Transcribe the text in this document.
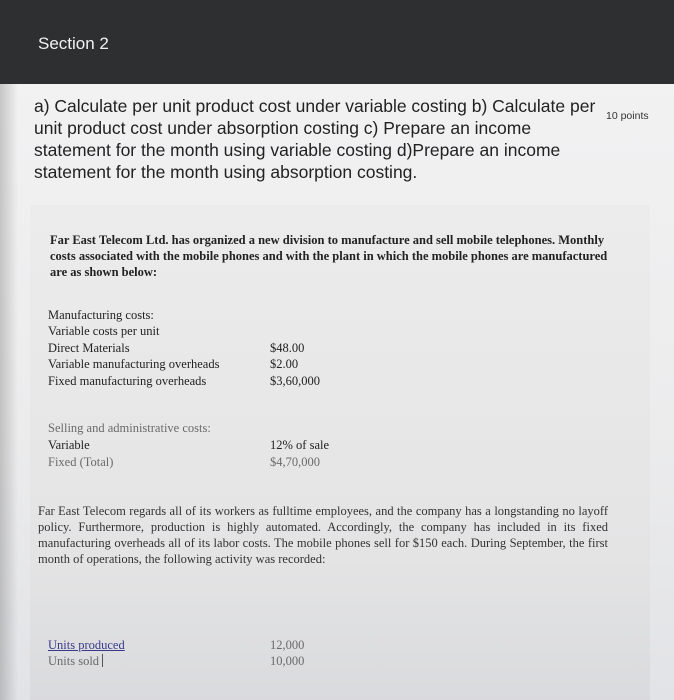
Section 2
a) Calculate per unit product cost under variable costing b) Calculate per unit product cost under absorption costing c) Prepare an income statement for the month using variable costing d)Prepare an income statement for the month using absorption costing.
10 points
Far East Telecom Ltd. has organized a new division to manufacture and sell mobile telephones. Monthly costs associated with the mobile phones and with the plant in which the mobile phones are manufactured are as shown below:
Manufacturing costs:
Variable costs per unit
Direct Materials	$48.00
Variable manufacturing overheads	$2.00
Fixed manufacturing overheads	$3,60,000
Selling and administrative costs:
Variable	12% of sale
Fixed (Total)	$4,70,000
Far East Telecom regards all of its workers as fulltime employees, and the company has a longstanding no layoff policy. Furthermore, production is highly automated. Accordingly, the company has included in its fixed manufacturing overheads all of its labor costs. The mobile phones sell for $150 each. During September, the first month of operations, the following activity was recorded:
Units produced	12,000
Units sold	10,000
